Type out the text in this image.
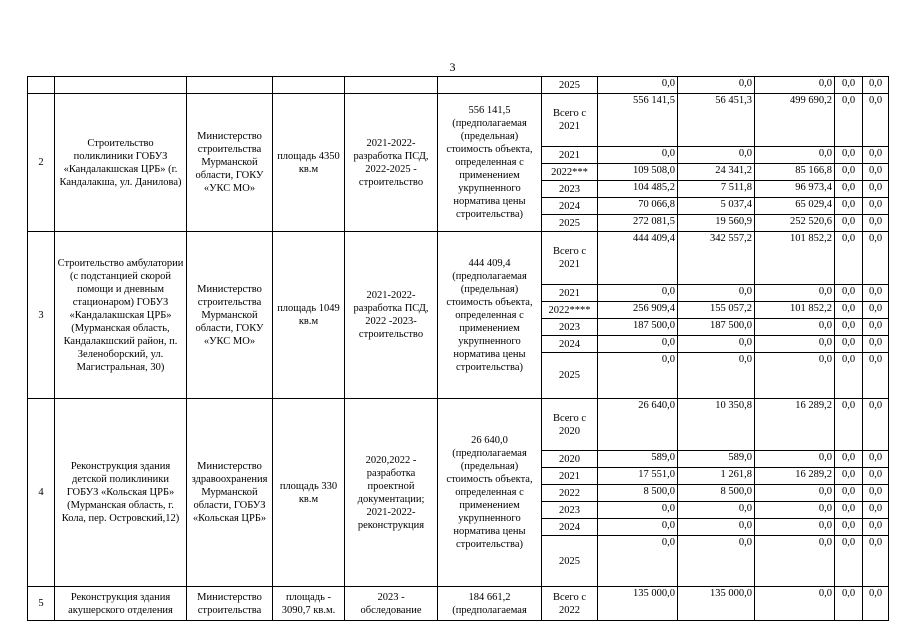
3
						2025	0,0	0,0	0,0	0,0	0,0
2	Строительство поликлиники ГОБУЗ «Кандалакшская ЦРБ» (г. Кандалакша, ул. Данилова)	Министерство строительства Мурманской области, ГОКУ «УКС МО»	площадь 4350 кв.м	2021-2022- разработка ПСД, 2022-2025 - строительство	556 141,5 (предполагаемая (предельная) стоимость объекта, определенная с применением укрупненного норматива цены строительства)	Всего с 2021	556 141,5	56 451,3	499 690,2	0,0	0,0
						2021	0,0	0,0	0,0	0,0	0,0
						2022***	109 508,0	24 341,2	85 166,8	0,0	0,0
						2023	104 485,2	7 511,8	96 973,4	0,0	0,0
						2024	70 066,8	5 037,4	65 029,4	0,0	0,0
						2025	272 081,5	19 560,9	252 520,6	0,0	0,0
3	Строительство амбулатории (с подстанцией скорой помощи и дневным стационаром) ГОБУЗ «Кандалакшская ЦРБ» (Мурманская область, Кандалакшский район, п. Зеленоборский, ул. Магистральная, 30)	Министерство строительства Мурманской области, ГОКУ «УКС МО»	площадь 1049 кв.м	2021-2022- разработка ПСД, 2022 -2023- строительство	444 409,4 (предполагаемая (предельная) стоимость объекта, определенная с применением укрупненного норматива цены строительства)	Всего с 2021	444 409,4	342 557,2	101 852,2	0,0	0,0
						2021	0,0	0,0	0,0	0,0	0,0
						2022****	256 909,4	155 057,2	101 852,2	0,0	0,0
						2023	187 500,0	187 500,0	0,0	0,0	0,0
						2024	0,0	0,0	0,0	0,0	0,0
						2025	0,0	0,0	0,0	0,0	0,0
4	Реконструкция здания детской поликлиники ГОБУЗ «Кольская ЦРБ» (Мурманская область, г. Кола, пер. Островский,12)	Министерство здравоохранения Мурманской области, ГОБУЗ «Кольская ЦРБ»	площадь 330 кв.м	2020,2022 - разработка проектной документации; 2021-2022- реконструкция	26 640,0 (предполагаемая (предельная) стоимость объекта, определенная с применением укрупненного норматива цены строительства)	Всего с 2020	26 640,0	10 350,8	16 289,2	0,0	0,0
						2020	589,0	589,0	0,0	0,0	0,0
						2021	17 551,0	1 261,8	16 289,2	0,0	0,0
						2022	8 500,0	8 500,0	0,0	0,0	0,0
						2023	0,0	0,0	0,0	0,0	0,0
						2024	0,0	0,0	0,0	0,0	0,0
						2025	0,0	0,0	0,0	0,0	0,0
5	Реконструкция здания акушерского отделения	Министерство строительства	площадь - 3090,7 кв.м.	2023 - обследование	184 661,2 (предполагаемая	Всего с 2022	135 000,0	135 000,0	0,0	0,0	0,0
